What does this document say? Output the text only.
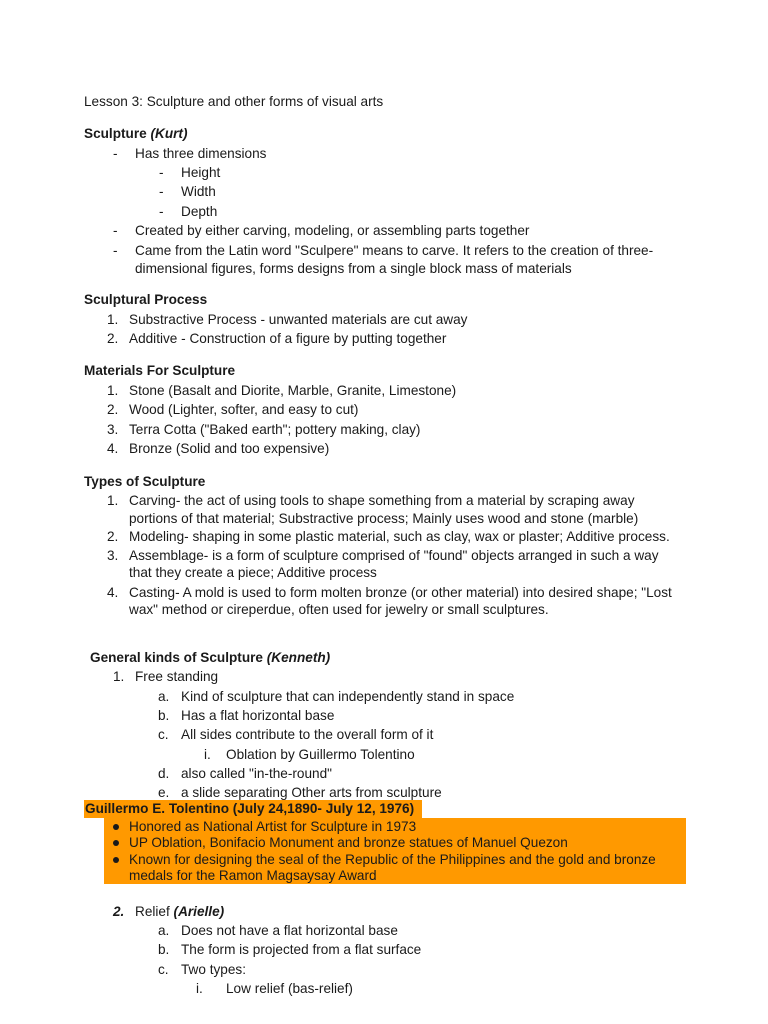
Lesson 3: Sculpture and other forms of visual arts
Sculpture (Kurt)
- Has three dimensions
- Height
- Width
- Depth
- Created by either carving, modeling, or assembling parts together
- Came from the Latin word "Sculpere" means to carve. It refers to the creation of three-
dimensional figures, forms designs from a single block mass of materials
Sculptural Process
1. Substractive Process - unwanted materials are cut away
2. Additive - Construction of a figure by putting together
Materials For Sculpture
1. Stone (Basalt and Diorite, Marble, Granite, Limestone)
2. Wood (Lighter, softer, and easy to cut)
3. Terra Cotta ("Baked earth"; pottery making, clay)
4. Bronze (Solid and too expensive)
Types of Sculpture
1. Carving- the act of using tools to shape something from a material by scraping away
portions of that material; Substractive process; Mainly uses wood and stone (marble)
2. Modeling- shaping in some plastic material, such as clay, wax or plaster; Additive process.
3. Assemblage- is a form of sculpture comprised of "found" objects arranged in such a way
that they create a piece; Additive process
4. Casting- A mold is used to form molten bronze (or other material) into desired shape; "Lost
wax" method or cireperdue, often used for jewelry or small sculptures.
General kinds of Sculpture (Kenneth)
1. Free standing
a. Kind of sculpture that can independently stand in space
b. Has a flat horizontal base
c. All sides contribute to the overall form of it
i. Oblation by Guillermo Tolentino
d. also called "in-the-round"
e. a slide separating Other arts from sculpture
Guillermo E. Tolentino (July 24,1890- July 12, 1976)
Honored as National Artist for Sculpture in 1973
UP Oblation, Bonifacio Monument and bronze statues of Manuel Quezon
Known for designing the seal of the Republic of the Philippines and the gold and bronze
medals for the Ramon Magsaysay Award
2. Relief (Arielle)
a. Does not have a flat horizontal base
b. The form is projected from a flat surface
c. Two types:
i. Low relief (bas-relief)
